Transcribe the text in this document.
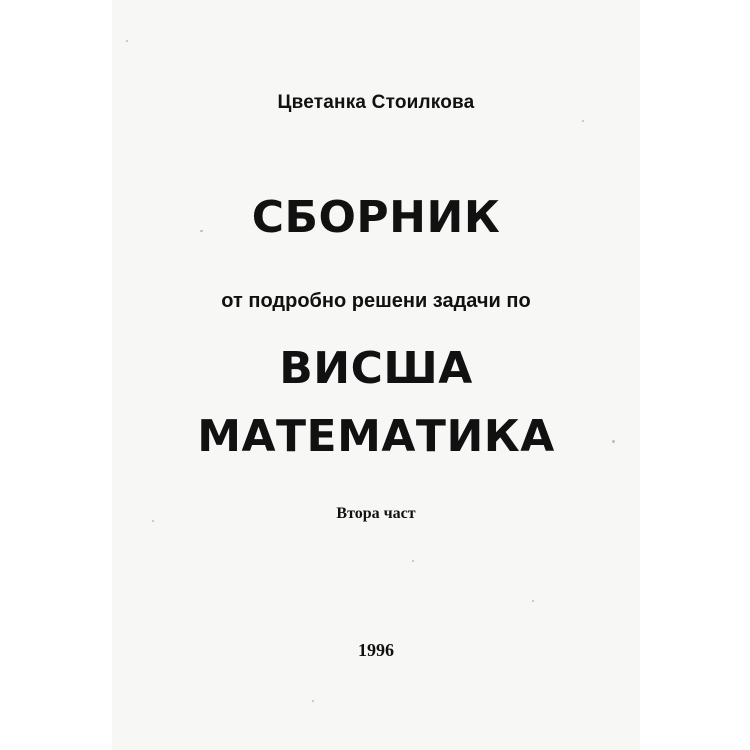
Цветанка Стоилкова
СБОРНИК
от подробно решени задачи по
ВИСША
МАТЕМАТИКА
Втора част
1996
